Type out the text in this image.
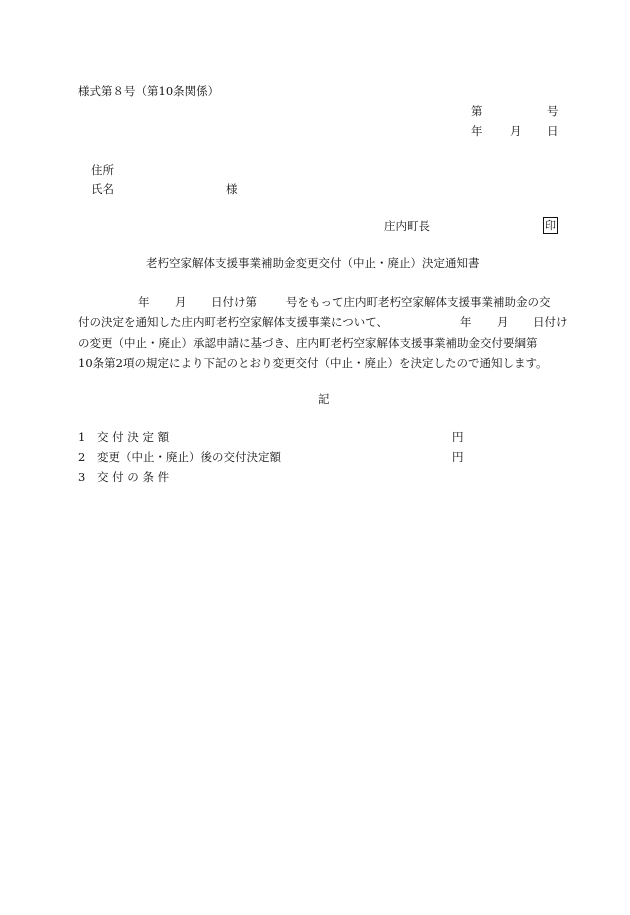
様式第８号（第10条関係）
第	号
年 月 日
住所
氏名	様
庄内町長	印
老朽空家解体支援事業補助金変更交付（中止・廃止）決定通知書
年 月 日付け第	号をもって庄内町老朽空家解体支援事業補助金の交
付の決定を通知した庄内町老朽空家解体支援事業について、	年 月 日付け
の変更（中止・廃止）承認申請に基づき、庄内町老朽空家解体支援事業補助金交付要綱第
10条第2項の規定により下記のとおり変更交付（中止・廃止）を決定したので通知します。
記
1 交 付 決 定 額	円
2 変更（中止・廃止）後の交付決定額	円
3 交 付 の 条 件
